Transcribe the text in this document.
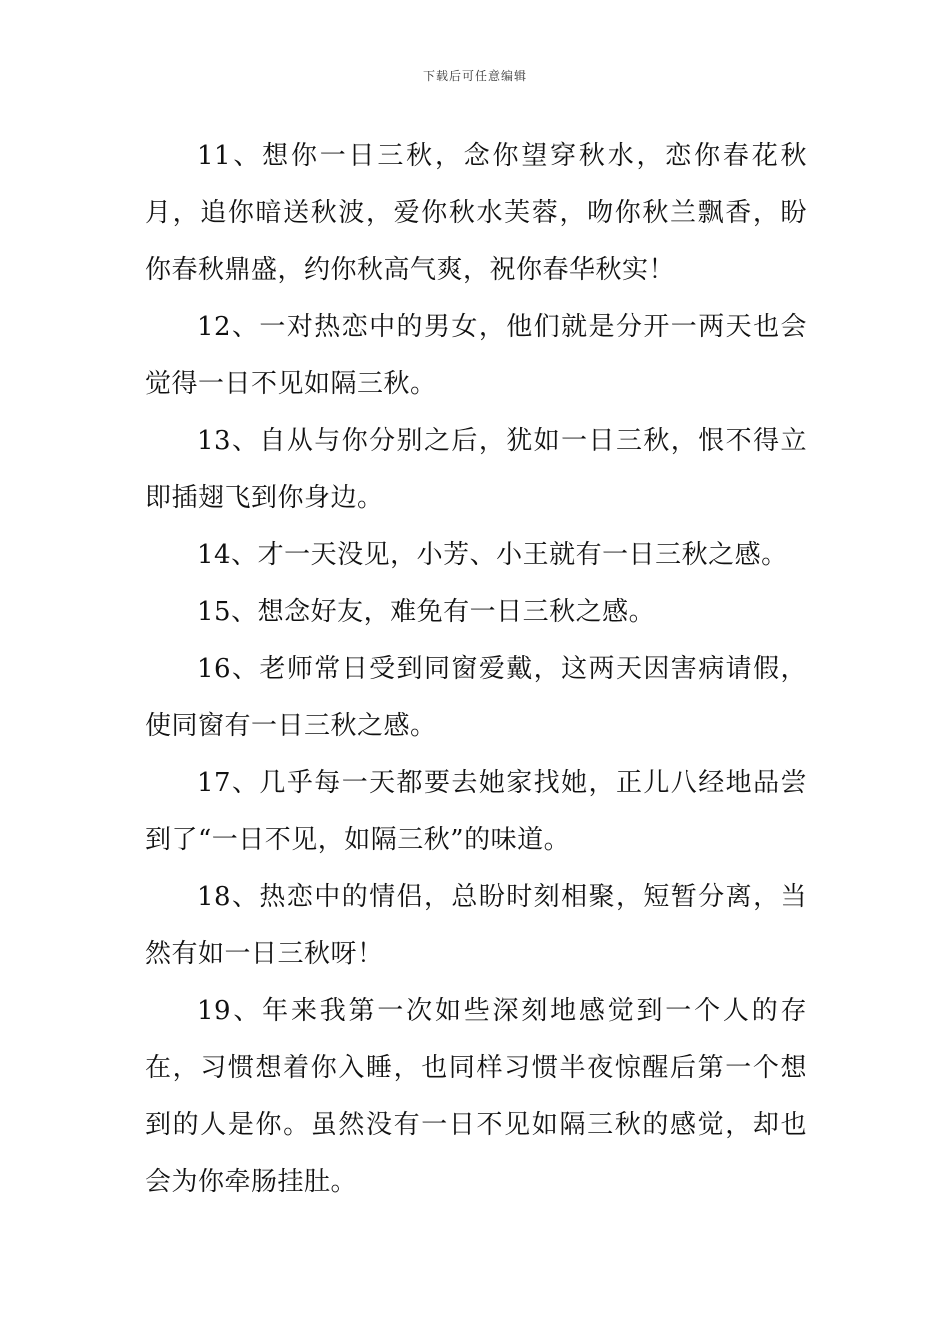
下载后可任意编辑

11、想你一日三秋，念你望穿秋水，恋你春花秋月，追你暗送秋波，爱你秋水芙蓉，吻你秋兰飘香，盼你春秋鼎盛，约你秋高气爽，祝你春华秋实！

12、一对热恋中的男女，他们就是分开一两天也会觉得一日不见如隔三秋。

13、自从与你分别之后，犹如一日三秋，恨不得立即插翅飞到你身边。

14、才一天没见，小芳、小王就有一日三秋之感。

15、想念好友，难免有一日三秋之感。

16、老师常日受到同窗爱戴，这两天因害病请假，使同窗有一日三秋之感。

17、几乎每一天都要去她家找她，正儿八经地品尝到了“一日不见，如隔三秋”的味道。

18、热恋中的情侣，总盼时刻相聚，短暂分离，当然有如一日三秋呀！

19、年来我第一次如些深刻地感觉到一个人的存在，习惯想着你入睡，也同样习惯半夜惊醒后第一个想到的人是你。虽然没有一日不见如隔三秋的感觉，却也会为你牵肠挂肚。
